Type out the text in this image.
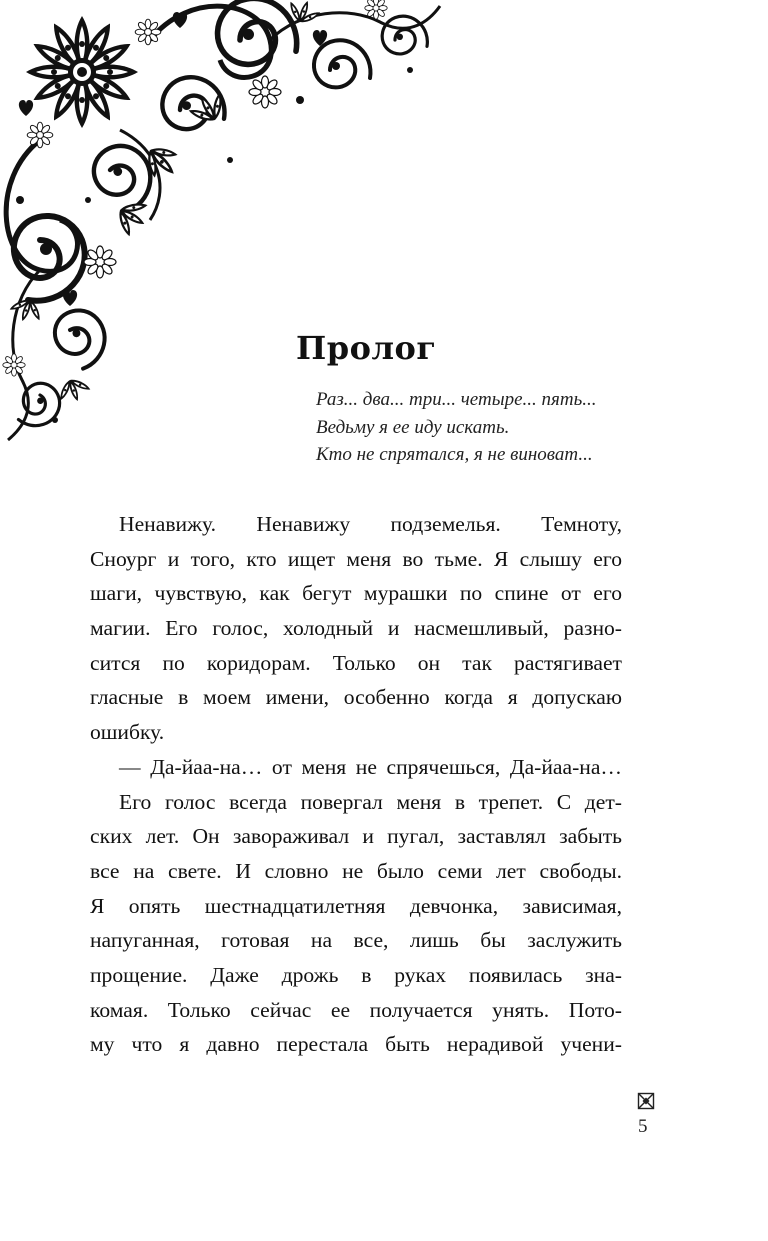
Пролог
Раз... два... три... четыре... пять...
Ведьму я ее иду искать.
Кто не спрятался, я не виноват...
Ненавижу. Ненавижу подземелья. Темноту,
Сноург и того, кто ищет меня во тьме. Я слышу его
шаги, чувствую, как бегут мурашки по спине от его
магии. Его голос, холодный и насмешливый, разно-
сится по коридорам. Только он так растягивает
гласные в моем имени, особенно когда я допускаю
ошибку.
— Да-йаа-на… от меня не спрячешься, Да-йаа-на…
Его голос всегда повергал меня в трепет. С дет-
ских лет. Он завораживал и пугал, заставлял забыть
все на свете. И словно не было семи лет свободы.
Я опять шестнадцатилетняя девчонка, зависимая,
напуганная, готовая на все, лишь бы заслужить
прощение. Даже дрожь в руках появилась зна-
комая. Только сейчас ее получается унять. Пото-
му что я давно перестала быть нерадивой учени-
5
